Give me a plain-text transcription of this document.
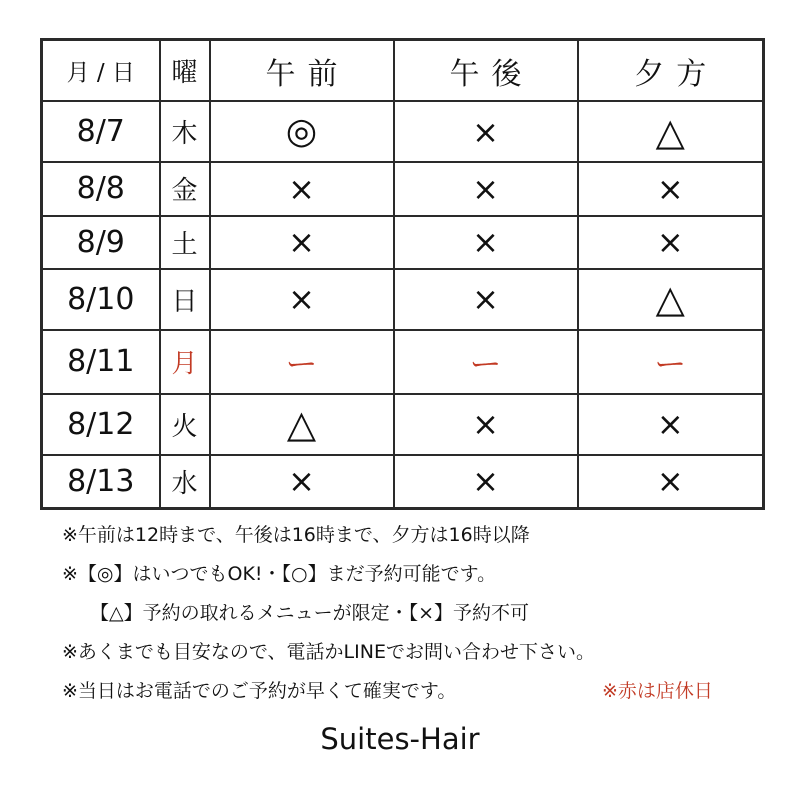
月 / 日	曜	午前	午後	夕方
8/7	木	◎	×	△
8/8	金	×	×	×
8/9	土	×	×	×
8/10	日	×	×	△
8/11	月	ー	ー	ー
8/12	火	△	×	×
8/13	水	×	×	×
※午前は12時まで、午後は16時まで、夕方は16時以降
※【◎】はいつでもOK!・【○】まだ予約可能です。
【△】予約の取れるメニューが限定・【×】予約不可
※あくまでも目安なので、電話かLINEでお問い合わせ下さい。
※当日はお電話でのご予約が早くて確実です。	※赤は店休日
Suites-Hair
